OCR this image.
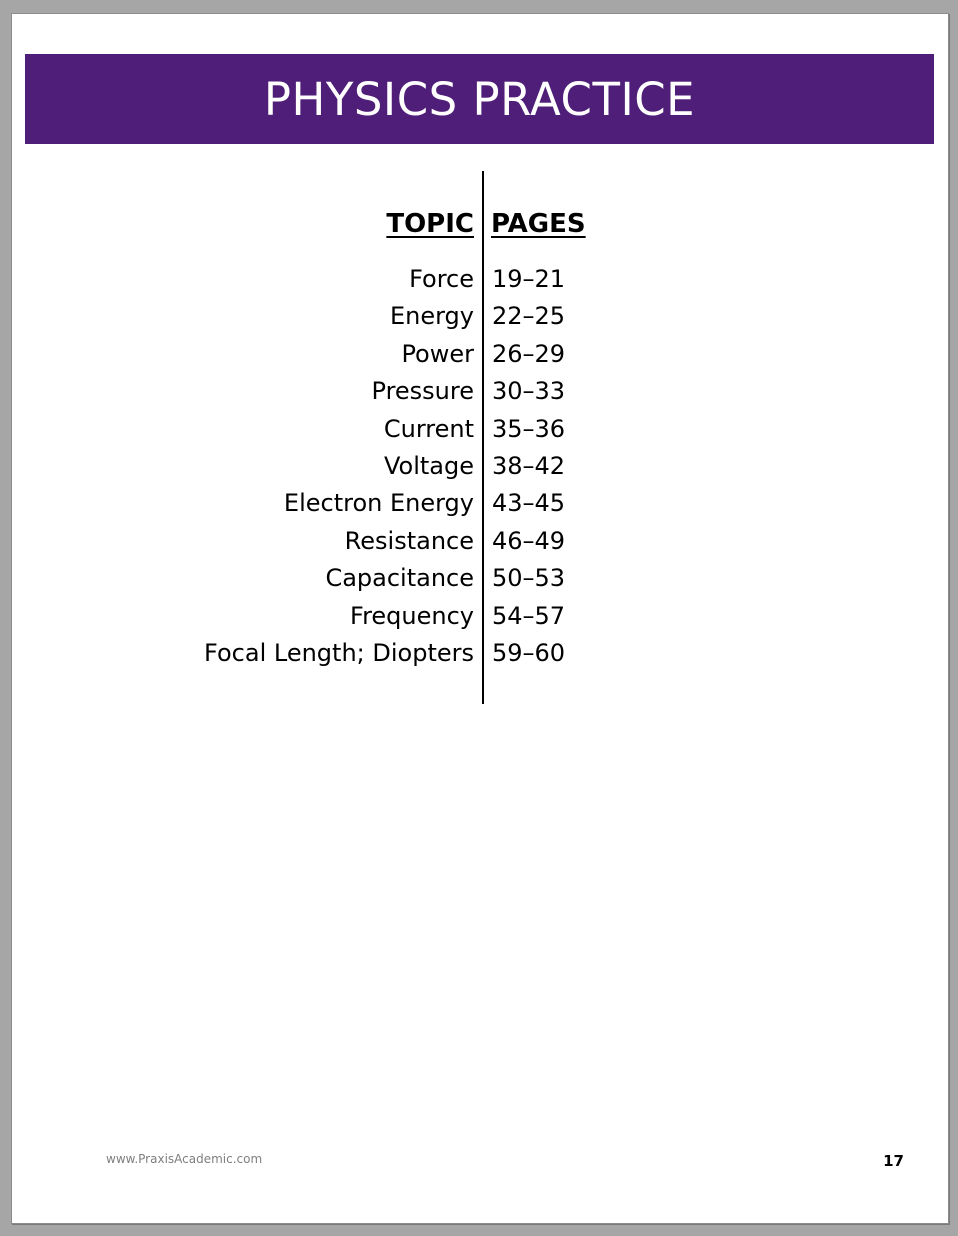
PHYSICS PRACTICE
TOPIC PAGES
Force 19–21
Energy 22–25
Power 26–29
Pressure 30–33
Current 35–36
Voltage 38–42
Electron Energy 43–45
Resistance 46–49
Capacitance 50–53
Frequency 54–57
Focal Length; Diopters 59–60
www.PraxisAcademic.com	17
